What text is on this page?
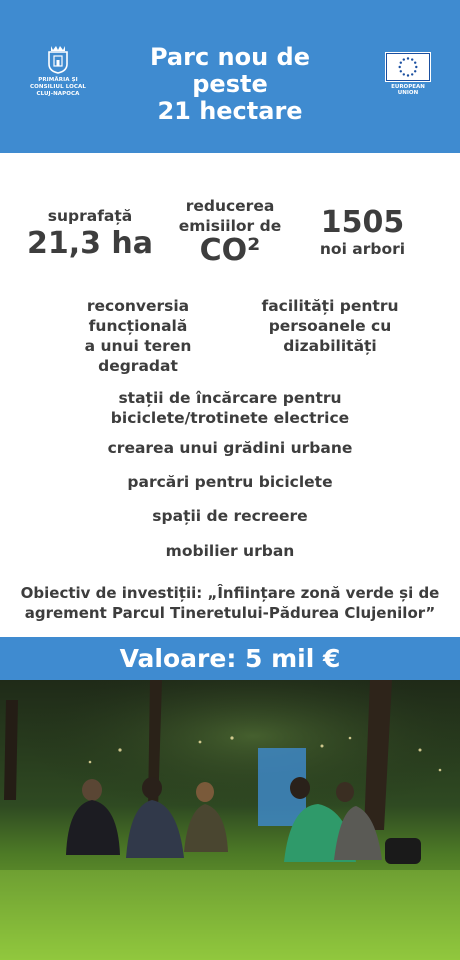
PRIMĂRIA ȘI CONSILIUL LOCAL CLUJ-NAPOCA
Parc nou de peste
21 hectare
EUROPEAN UNION
suprafață
21,3 ha
reducerea
emisiilor de
CO²
1505
noi arbori
reconversia funcțională
a unui teren
degradat
facilități pentru
persoanele cu
dizabilități
stații de încărcare pentru
biciclete/trotinete electrice
crearea unui grădini urbane
parcări pentru biciclete
spații de recreere
mobilier urban
Obiectiv de investiții: „Înființare zonă verde și de
agrement Parcul Tineretului-Pădurea Clujenilor”
Valoare: 5 mil €
